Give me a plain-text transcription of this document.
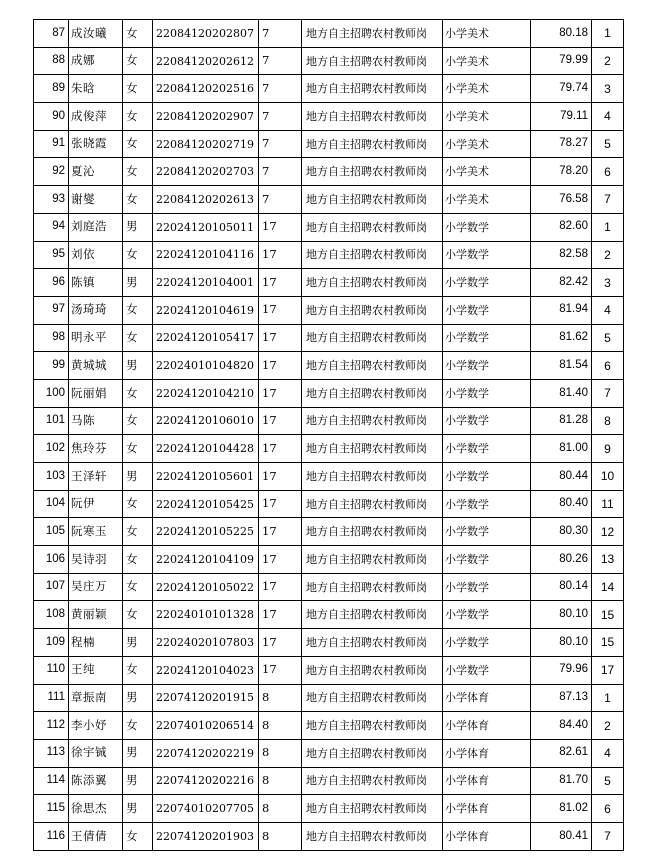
87	成汝曦	女	22084120202807	7	地方自主招聘农村教师岗	小学美术	80.18	1
88	成娜	女	22084120202612	7	地方自主招聘农村教师岗	小学美术	79.99	2
89	朱晗	女	22084120202516	7	地方自主招聘农村教师岗	小学美术	79.74	3
90	成俊萍	女	22084120202907	7	地方自主招聘农村教师岗	小学美术	79.11	4
91	张晓霞	女	22084120202719	7	地方自主招聘农村教师岗	小学美术	78.27	5
92	夏沁	女	22084120202703	7	地方自主招聘农村教师岗	小学美术	78.20	6
93	谢燮	女	22084120202613	7	地方自主招聘农村教师岗	小学美术	76.58	7
94	刘庭浩	男	22024120105011	17	地方自主招聘农村教师岗	小学数学	82.60	1
95	刘依	女	22024120104116	17	地方自主招聘农村教师岗	小学数学	82.58	2
96	陈镇	男	22024120104001	17	地方自主招聘农村教师岗	小学数学	82.42	3
97	汤琦琦	女	22024120104619	17	地方自主招聘农村教师岗	小学数学	81.94	4
98	明永平	女	22024120105417	17	地方自主招聘农村教师岗	小学数学	81.62	5
99	黄城城	男	22024010104820	17	地方自主招聘农村教师岗	小学数学	81.54	6
100	阮丽娟	女	22024120104210	17	地方自主招聘农村教师岗	小学数学	81.40	7
101	马陈	女	22024120106010	17	地方自主招聘农村教师岗	小学数学	81.28	8
102	焦玲芬	女	22024120104428	17	地方自主招聘农村教师岗	小学数学	81.00	9
103	王泽轩	男	22024120105601	17	地方自主招聘农村教师岗	小学数学	80.44	10
104	阮伊	女	22024120105425	17	地方自主招聘农村教师岗	小学数学	80.40	11
105	阮寒玉	女	22024120105225	17	地方自主招聘农村教师岗	小学数学	80.30	12
106	吴诗羽	女	22024120104109	17	地方自主招聘农村教师岗	小学数学	80.26	13
107	吴庄万	女	22024120105022	17	地方自主招聘农村教师岗	小学数学	80.14	14
108	黄丽颖	女	22024010101328	17	地方自主招聘农村教师岗	小学数学	80.10	15
109	程楠	男	22024020107803	17	地方自主招聘农村教师岗	小学数学	80.10	15
110	王纯	女	22024120104023	17	地方自主招聘农村教师岗	小学数学	79.96	17
111	章振南	男	22074120201915	8	地方自主招聘农村教师岗	小学体育	87.13	1
112	李小妤	女	22074010206514	8	地方自主招聘农村教师岗	小学体育	84.40	2
113	徐宇铖	男	22074120202219	8	地方自主招聘农村教师岗	小学体育	82.61	4
114	陈添翼	男	22074120202216	8	地方自主招聘农村教师岗	小学体育	81.70	5
115	徐思杰	男	22074010207705	8	地方自主招聘农村教师岗	小学体育	81.02	6
116	王倩倩	女	22074120201903	8	地方自主招聘农村教师岗	小学体育	80.41	7
